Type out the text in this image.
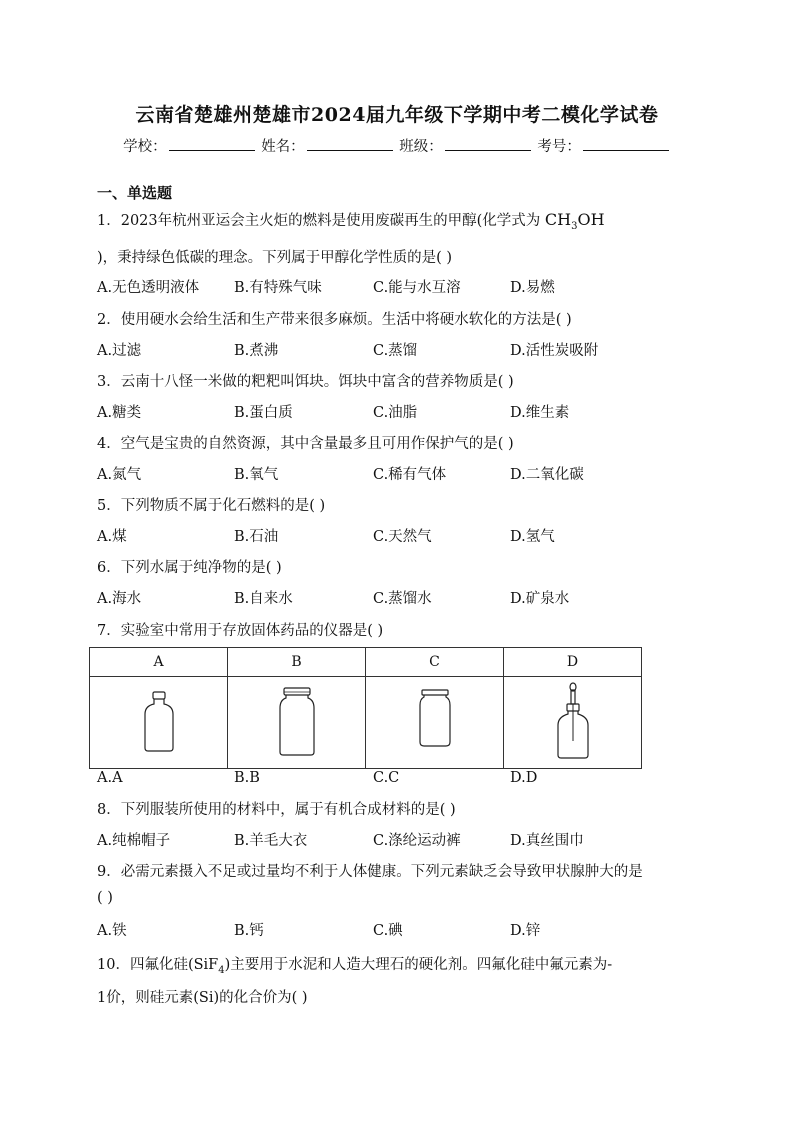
云南省楚雄州楚雄市2024届九年级下学期中考二模化学试卷
学校：	姓名：	班级：	考号：
一、单选题
1．2023年杭州亚运会主火炬的燃料是使用废碳再生的甲醇(化学式为 $CH_3OH$
)，秉持绿色低碳的理念。下列属于甲醇化学性质的是( )
A.无色透明液体 B.有特殊气味	C.能与水互溶	D.易燃
2．使用硬水会给生活和生产带来很多麻烦。生活中将硬水软化的方法是( )
A.过滤	B.煮沸	C.蒸馏	D.活性炭吸附
3．云南十八怪一米做的粑粑叫饵块。饵块中富含的营养物质是( )
A.糖类	B.蛋白质	C.油脂	D.维生素
4．空气是宝贵的自然资源，其中含量最多且可用作保护气的是( )
A.氮气	B.氧气	C.稀有气体	D.二氧化碳
5．下列物质不属于化石燃料的是( )
A.煤	B.石油	C.天然气	D.氢气
6．下列水属于纯净物的是( )
A.海水	B.自来水	C.蒸馏水	D.矿泉水
7．实验室中常用于存放固体药品的仪器是( )
A	B	C	D

A.A	B.B	C.C	D.D
8．下列服装所使用的材料中，属于有机合成材料的是( )
A.纯棉帽子	B.羊毛大衣	C.涤纶运动裤	D.真丝围巾
9．必需元素摄入不足或过量均不利于人体健康。下列元素缺乏会导致甲状腺肿大的是
( )
A.铁	B.钙	C.碘	D.锌
10．四氟化硅(SiF$_4$)主要用于水泥和人造大理石的硬化剂。四氟化硅中氟元素为-
1价，则硅元素(Si)的化合价为( )
